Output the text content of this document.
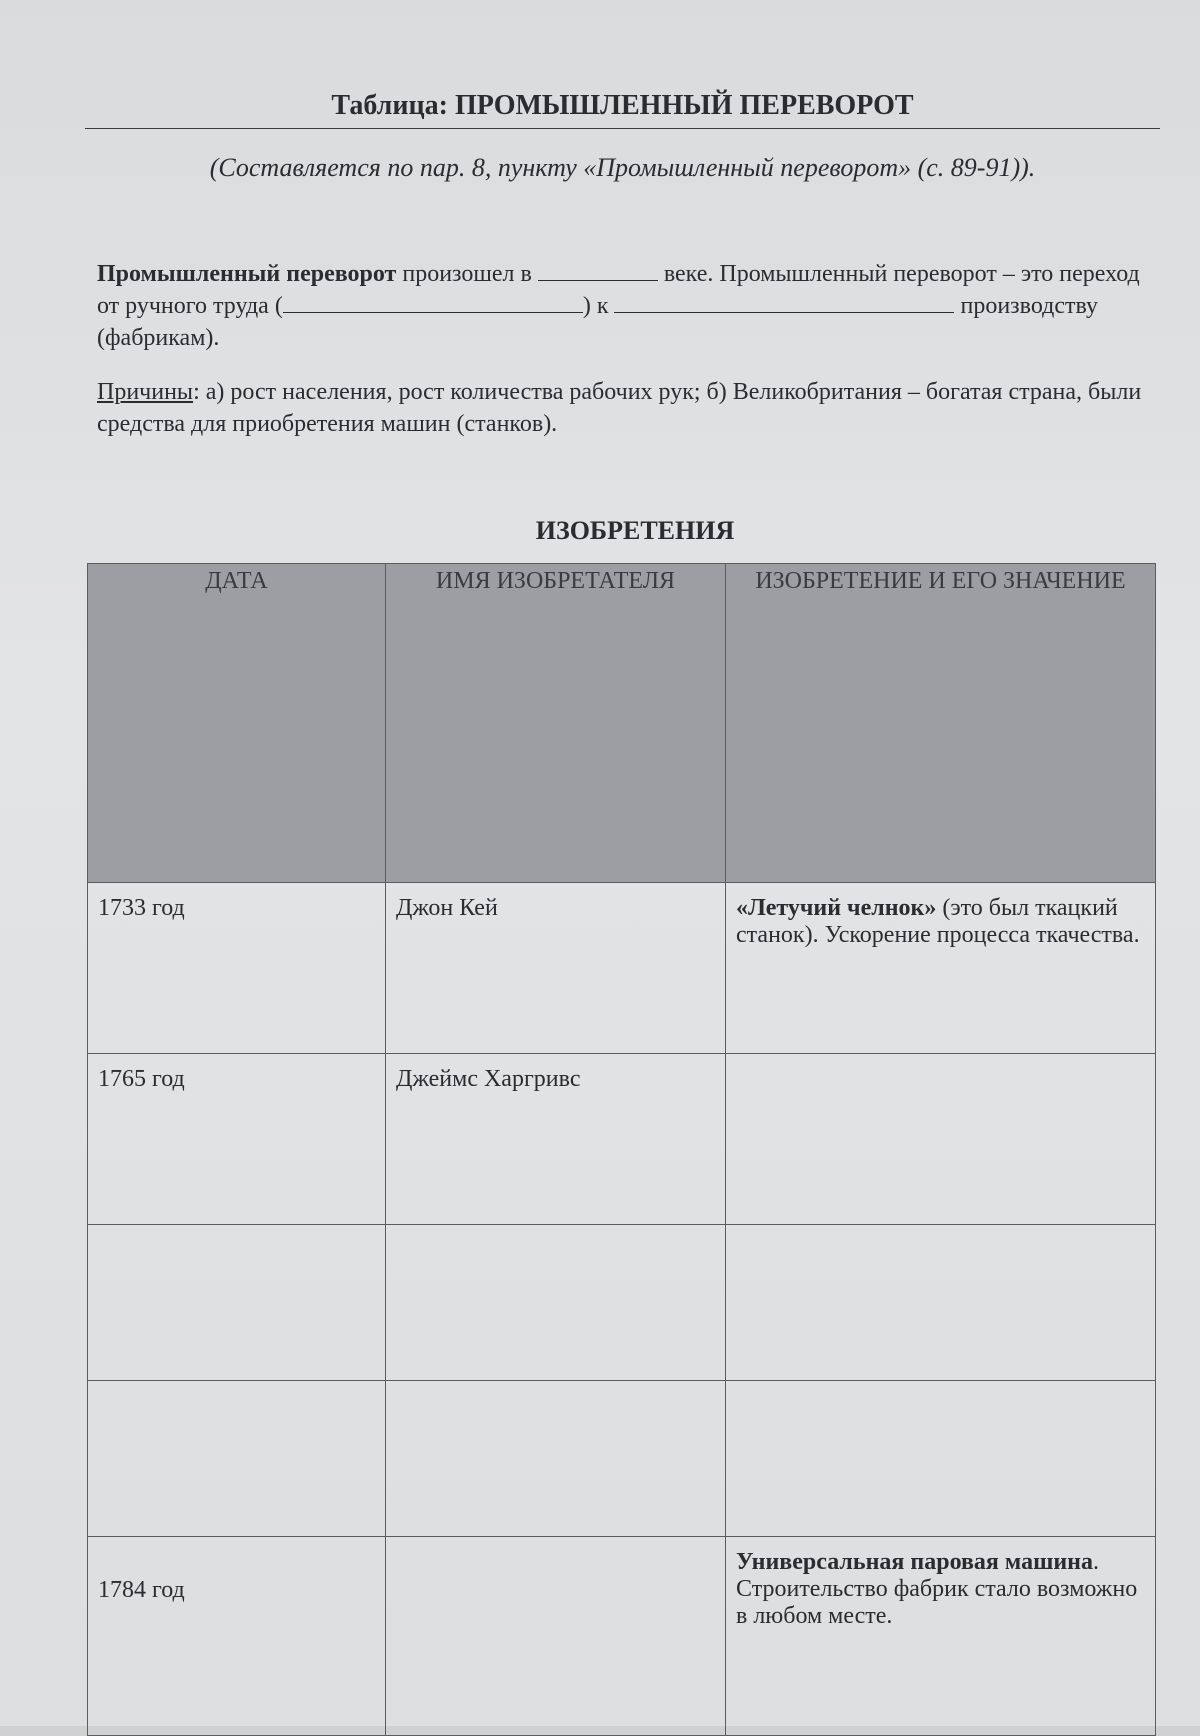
Таблица: ПРОМЫШЛЕННЫЙ ПЕРЕВОРОТ
(Составляется по пар. 8, пункту «Промышленный переворот» (с. 89-91)).
Промышленный переворот произошел в	веке. Промышленный переворот – это переход от ручного труда (	) к	производству (фабрикам).
Причины: а) рост населения, рост количества рабочих рук; б) Великобритания – богатая страна, были средства для приобретения машин (станков).
ИЗОБРЕТЕНИЯ
ДАТА	ИМЯ ИЗОБРЕТАТЕЛЯ	ИЗОБРЕТЕНИЕ И ЕГО ЗНАЧЕНИЕ
1733 год	Джон Кей	«Летучий челнок» (это был ткацкий станок). Ускорение процесса ткачества.
1765 год	Джеймс Харгривс	

1784 год		Универсальная паровая машина. Строительство фабрик стало возможно в любом месте.
